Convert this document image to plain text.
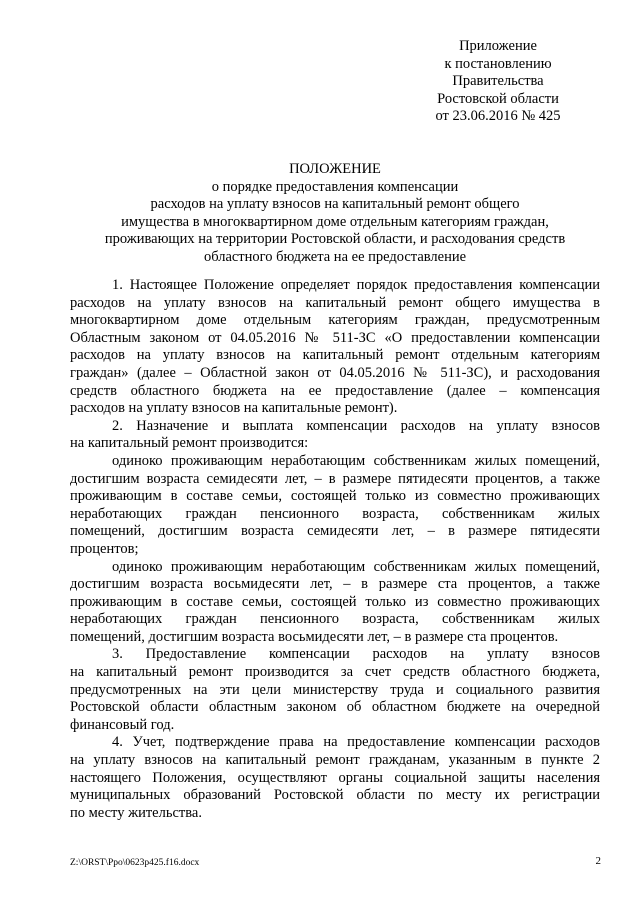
Приложение
к постановлению
Правительства
Ростовской области
от 23.06.2016 № 425
ПОЛОЖЕНИЕ
о порядке предоставления компенсации
расходов на уплату взносов на капитальный ремонт общего
имущества в многоквартирном доме отдельным категориям граждан,
проживающих на территории Ростовской области, и расходования средств
областного бюджета на ее предоставление
1. Настоящее Положение определяет порядок предоставления компенсации
расходов на уплату взносов на капитальный ремонт общего имущества в
многоквартирном доме отдельным категориям граждан, предусмотренным
Областным законом от 04.05.2016 № 511-ЗС «О предоставлении компенсации
расходов на уплату взносов на капитальный ремонт отдельным категориям
граждан» (далее – Областной закон от 04.05.2016 № 511-ЗС), и расходования
средств областного бюджета на ее предоставление (далее – компенсация
расходов на уплату взносов на капитальные ремонт).
2. Назначение и выплата компенсации расходов на уплату взносов
на капитальный ремонт производится:
одиноко проживающим неработающим собственникам жилых помещений,
достигшим возраста семидесяти лет, – в размере пятидесяти процентов, а также
проживающим в составе семьи, состоящей только из совместно проживающих
неработающих граждан пенсионного возраста, собственникам жилых
помещений, достигшим возраста семидесяти лет, – в размере пятидесяти
процентов;
одиноко проживающим неработающим собственникам жилых помещений,
достигшим возраста восьмидесяти лет, – в размере ста процентов, а также
проживающим в составе семьи, состоящей только из совместно проживающих
неработающих граждан пенсионного возраста, собственникам жилых
помещений, достигшим возраста восьмидесяти лет, – в размере ста процентов.
3. Предоставление компенсации расходов на уплату взносов
на капитальный ремонт производится за счет средств областного бюджета,
предусмотренных на эти цели министерству труда и социального развития
Ростовской области областным законом об областном бюджете на очередной
финансовый год.
4. Учет, подтверждение права на предоставление компенсации расходов
на уплату взносов на капитальный ремонт гражданам, указанным в пункте 2
настоящего Положения, осуществляют органы социальной защиты населения
муниципальных образований Ростовской области по месту их регистрации
по месту жительства.
Z:\ORST\Ppo\0623p425.f16.docx	2
